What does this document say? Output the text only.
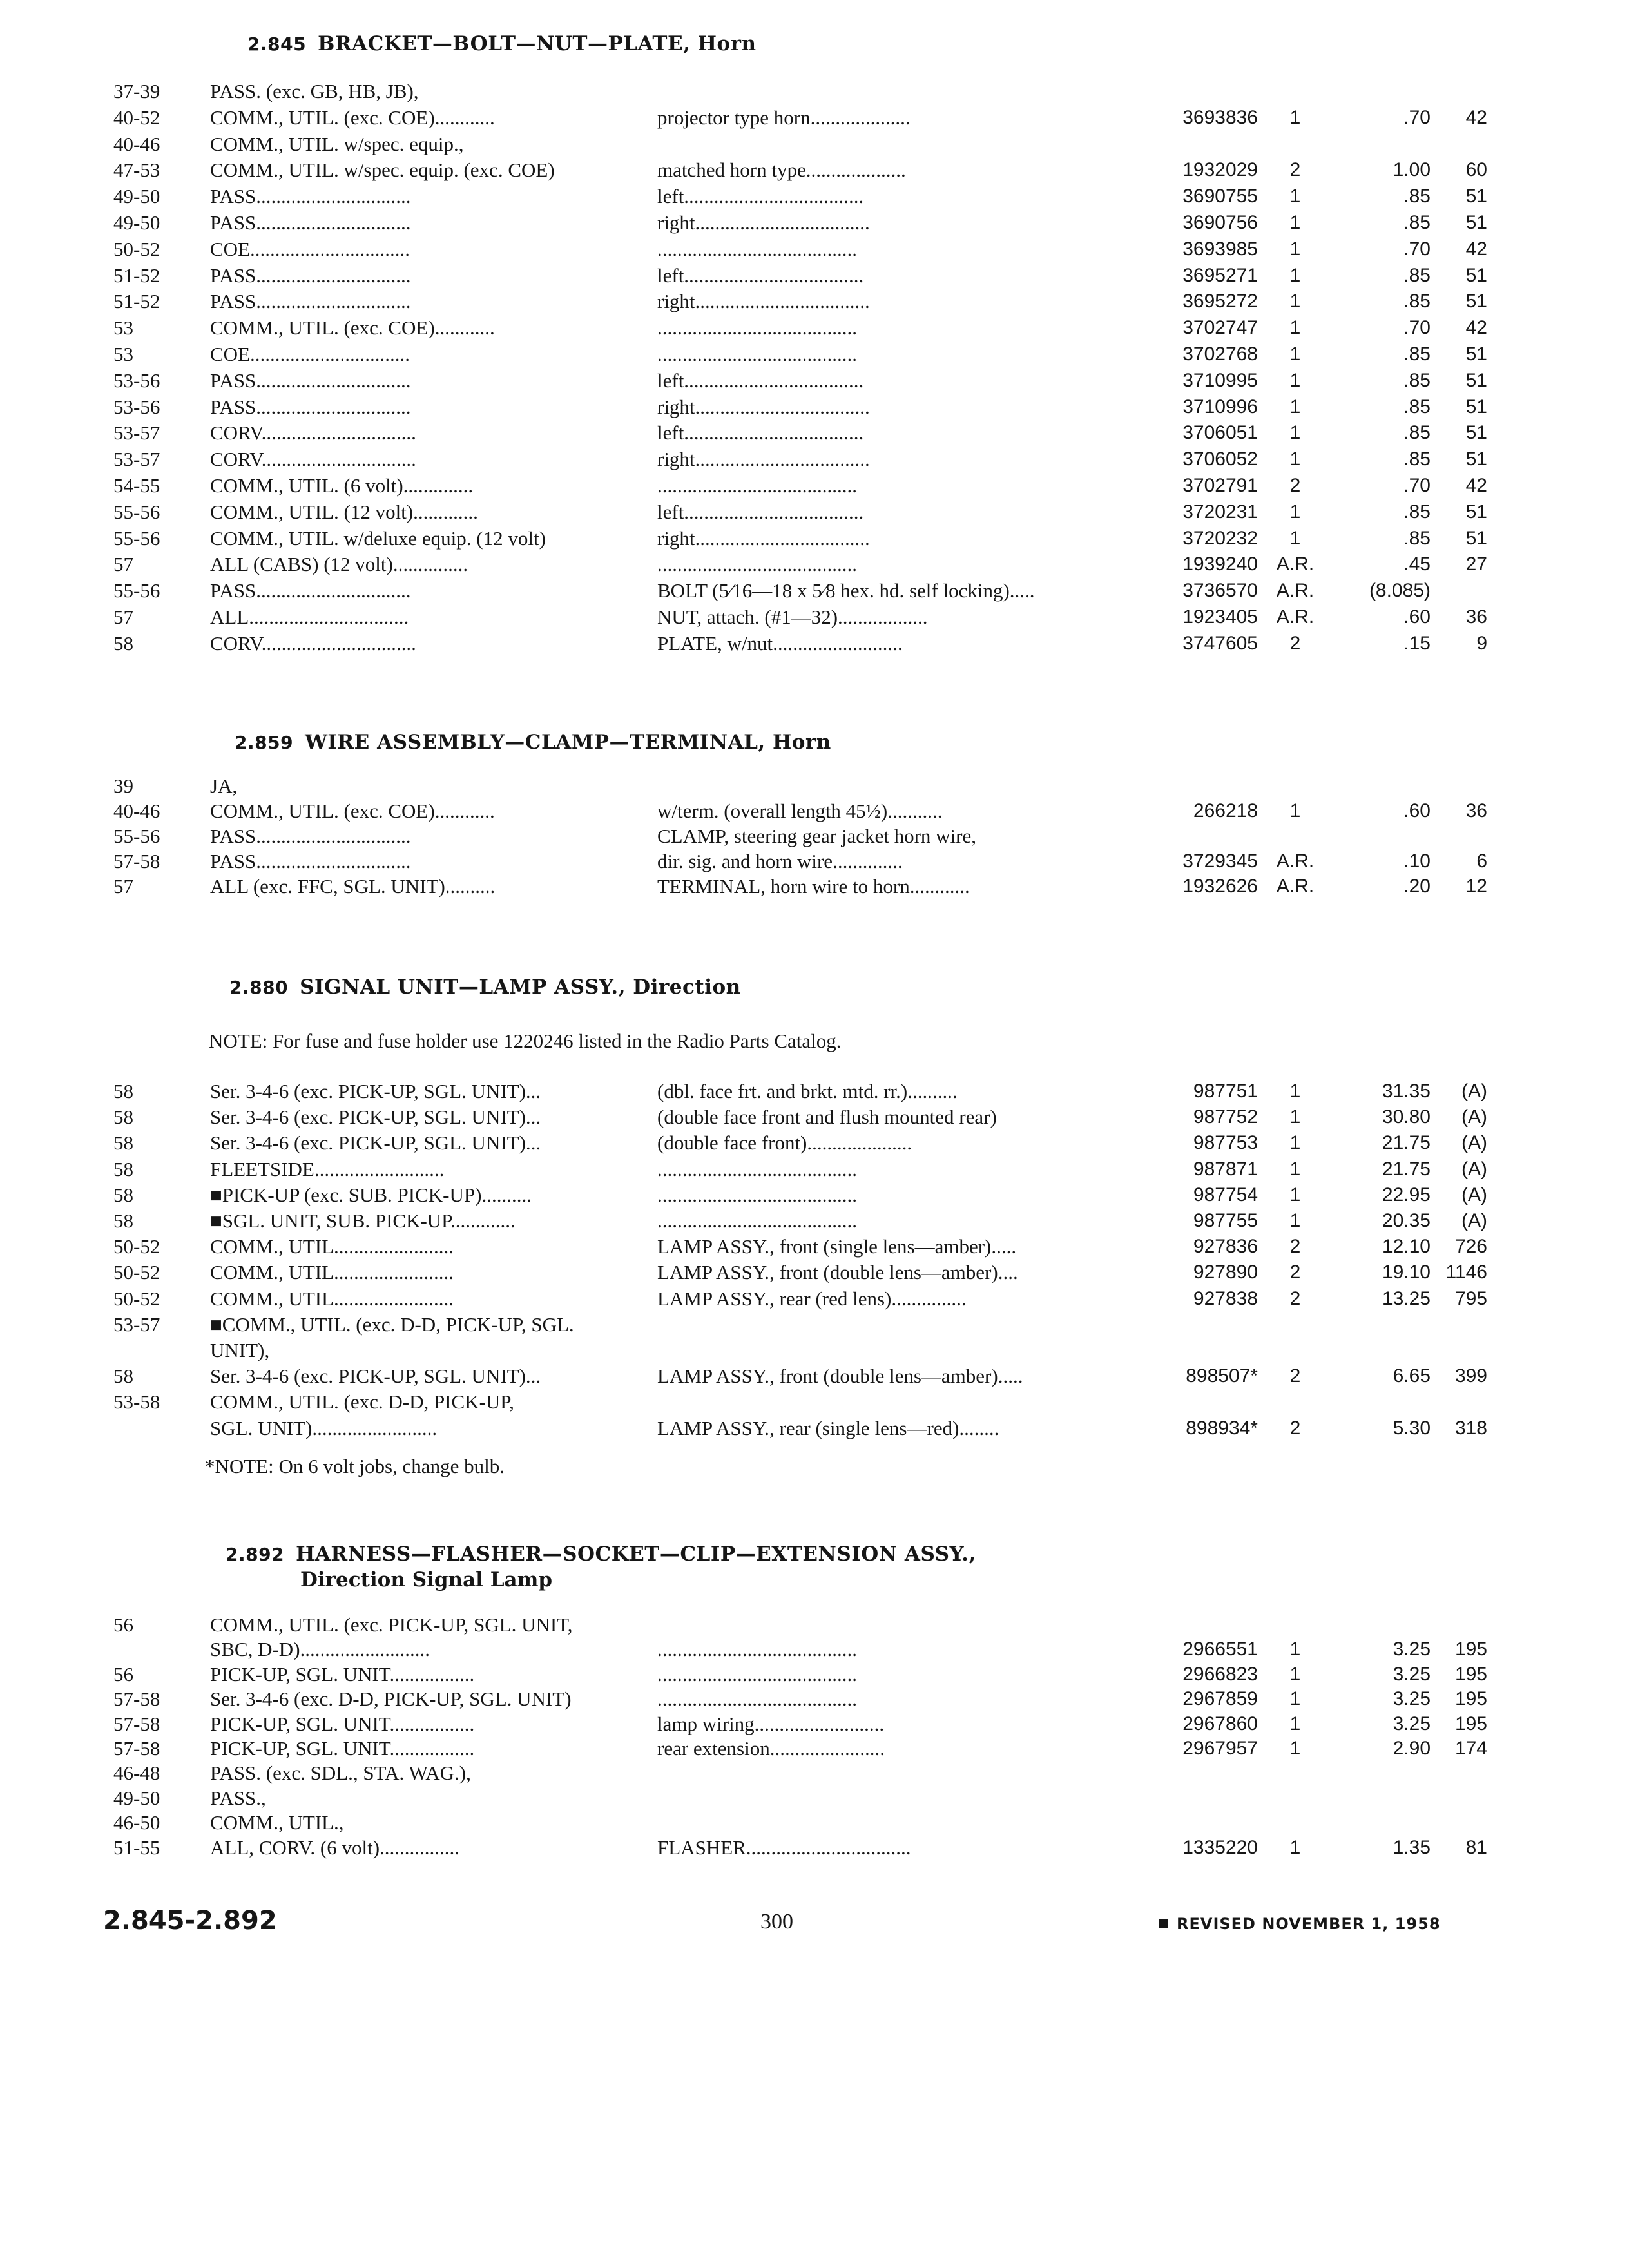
2.845 BRACKET—BOLT—NUT—PLATE, Horn
37-39	PASS. (exc. GB, HB, JB),
40-52	COMM., UTIL. (exc. COE)............	projector type horn....................	3693836	1	.70	42
40-46	COMM., UTIL. w/spec. equip.,
47-53	COMM., UTIL. w/spec. equip. (exc. COE)	matched horn type....................	1932029	2	1.00	60
49-50	PASS...............................	left....................................	3690755	1	.85	51
49-50	PASS...............................	right...................................	3690756	1	.85	51
50-52	COE................................	........................................	3693985	1	.70	42
51-52	PASS...............................	left....................................	3695271	1	.85	51
51-52	PASS...............................	right...................................	3695272	1	.85	51
53	COMM., UTIL. (exc. COE)............	........................................	3702747	1	.70	42
53	COE................................	........................................	3702768	1	.85	51
53-56	PASS...............................	left....................................	3710995	1	.85	51
53-56	PASS...............................	right...................................	3710996	1	.85	51
53-57	CORV...............................	left....................................	3706051	1	.85	51
53-57	CORV...............................	right...................................	3706052	1	.85	51
54-55	COMM., UTIL. (6 volt)..............	........................................	3702791	2	.70	42
55-56	COMM., UTIL. (12 volt).............	left....................................	3720231	1	.85	51
55-56	COMM., UTIL. w/deluxe equip. (12 volt)	right...................................	3720232	1	.85	51
57	ALL (CABS) (12 volt)...............	........................................	1939240 A.R.	.45	27
55-56	PASS...............................	BOLT (5⁄16—18 x 5⁄8 hex. hd. self locking).....	3736570 A.R.	(8.085)
57	ALL................................	NUT, attach. (#1—32)..................	1923405 A.R.	.60	36
58	CORV...............................	PLATE, w/nut..........................	3747605	2	.15	9
2.859 WIRE ASSEMBLY—CLAMP—TERMINAL, Horn
39	JA,
40-46	COMM., UTIL. (exc. COE)............	w/term. (overall length 45½)...........	266218	1	.60	36
55-56	PASS...............................	CLAMP, steering gear jacket horn wire,
57-58	PASS...............................	dir. sig. and horn wire..............	3729345 A.R.	.10	6
57	ALL (exc. FFC, SGL. UNIT)..........	TERMINAL, horn wire to horn............	1932626 A.R.	.20	12
2.880 SIGNAL UNIT—LAMP ASSY., Direction
NOTE: For fuse and fuse holder use 1220246 listed in the Radio Parts Catalog.
58	Ser. 3-4-6 (exc. PICK-UP, SGL. UNIT)...	(dbl. face frt. and brkt. mtd. rr.)..........	987751	1	31.35	(A)
58	Ser. 3-4-6 (exc. PICK-UP, SGL. UNIT)...	(double face front and flush mounted rear)	987752	1	30.80	(A)
58	Ser. 3-4-6 (exc. PICK-UP, SGL. UNIT)...	(double face front).....................	987753	1	21.75	(A)
58	FLEETSIDE..........................	........................................	987871	1	21.75	(A)
58	■PICK-UP (exc. SUB. PICK-UP)..........	........................................	987754	1	22.95	(A)
58	■SGL. UNIT, SUB. PICK-UP.............	........................................	987755	1	20.35	(A)
50-52	COMM., UTIL........................	LAMP ASSY., front (single lens—amber).....	927836	2	12.10	726
50-52	COMM., UTIL........................	LAMP ASSY., front (double lens—amber)....	927890	2	19.10 1146
50-52	COMM., UTIL........................	LAMP ASSY., rear (red lens)...............	927838	2	13.25	795
53-57	■COMM., UTIL. (exc. D-D, PICK-UP, SGL.
UNIT),
58	Ser. 3-4-6 (exc. PICK-UP, SGL. UNIT)...	LAMP ASSY., front (double lens—amber).....	898507*	2	6.65	399
53-58	COMM., UTIL. (exc. D-D, PICK-UP,
SGL. UNIT).........................	LAMP ASSY., rear (single lens—red)........	898934*	2	5.30	318
*NOTE: On 6 volt jobs, change bulb.
2.892 HARNESS—FLASHER—SOCKET—CLIP—EXTENSION ASSY.,
Direction Signal Lamp
56	COMM., UTIL. (exc. PICK-UP, SGL. UNIT,
SBC, D-D)..........................	........................................	2966551	1	3.25	195
56	PICK-UP, SGL. UNIT.................	........................................	2966823	1	3.25	195
57-58	Ser. 3-4-6 (exc. D-D, PICK-UP, SGL. UNIT)	........................................	2967859	1	3.25	195
57-58	PICK-UP, SGL. UNIT.................	lamp wiring..........................	2967860	1	3.25	195
57-58	PICK-UP, SGL. UNIT.................	rear extension.......................	2967957	1	2.90	174
46-48	PASS. (exc. SDL., STA. WAG.),
49-50	PASS.,
46-50	COMM., UTIL.,
51-55	ALL, CORV. (6 volt)................	FLASHER.................................	1335220	1	1.35	81
2.845-2.892	300	REVISED NOVEMBER 1, 1958
